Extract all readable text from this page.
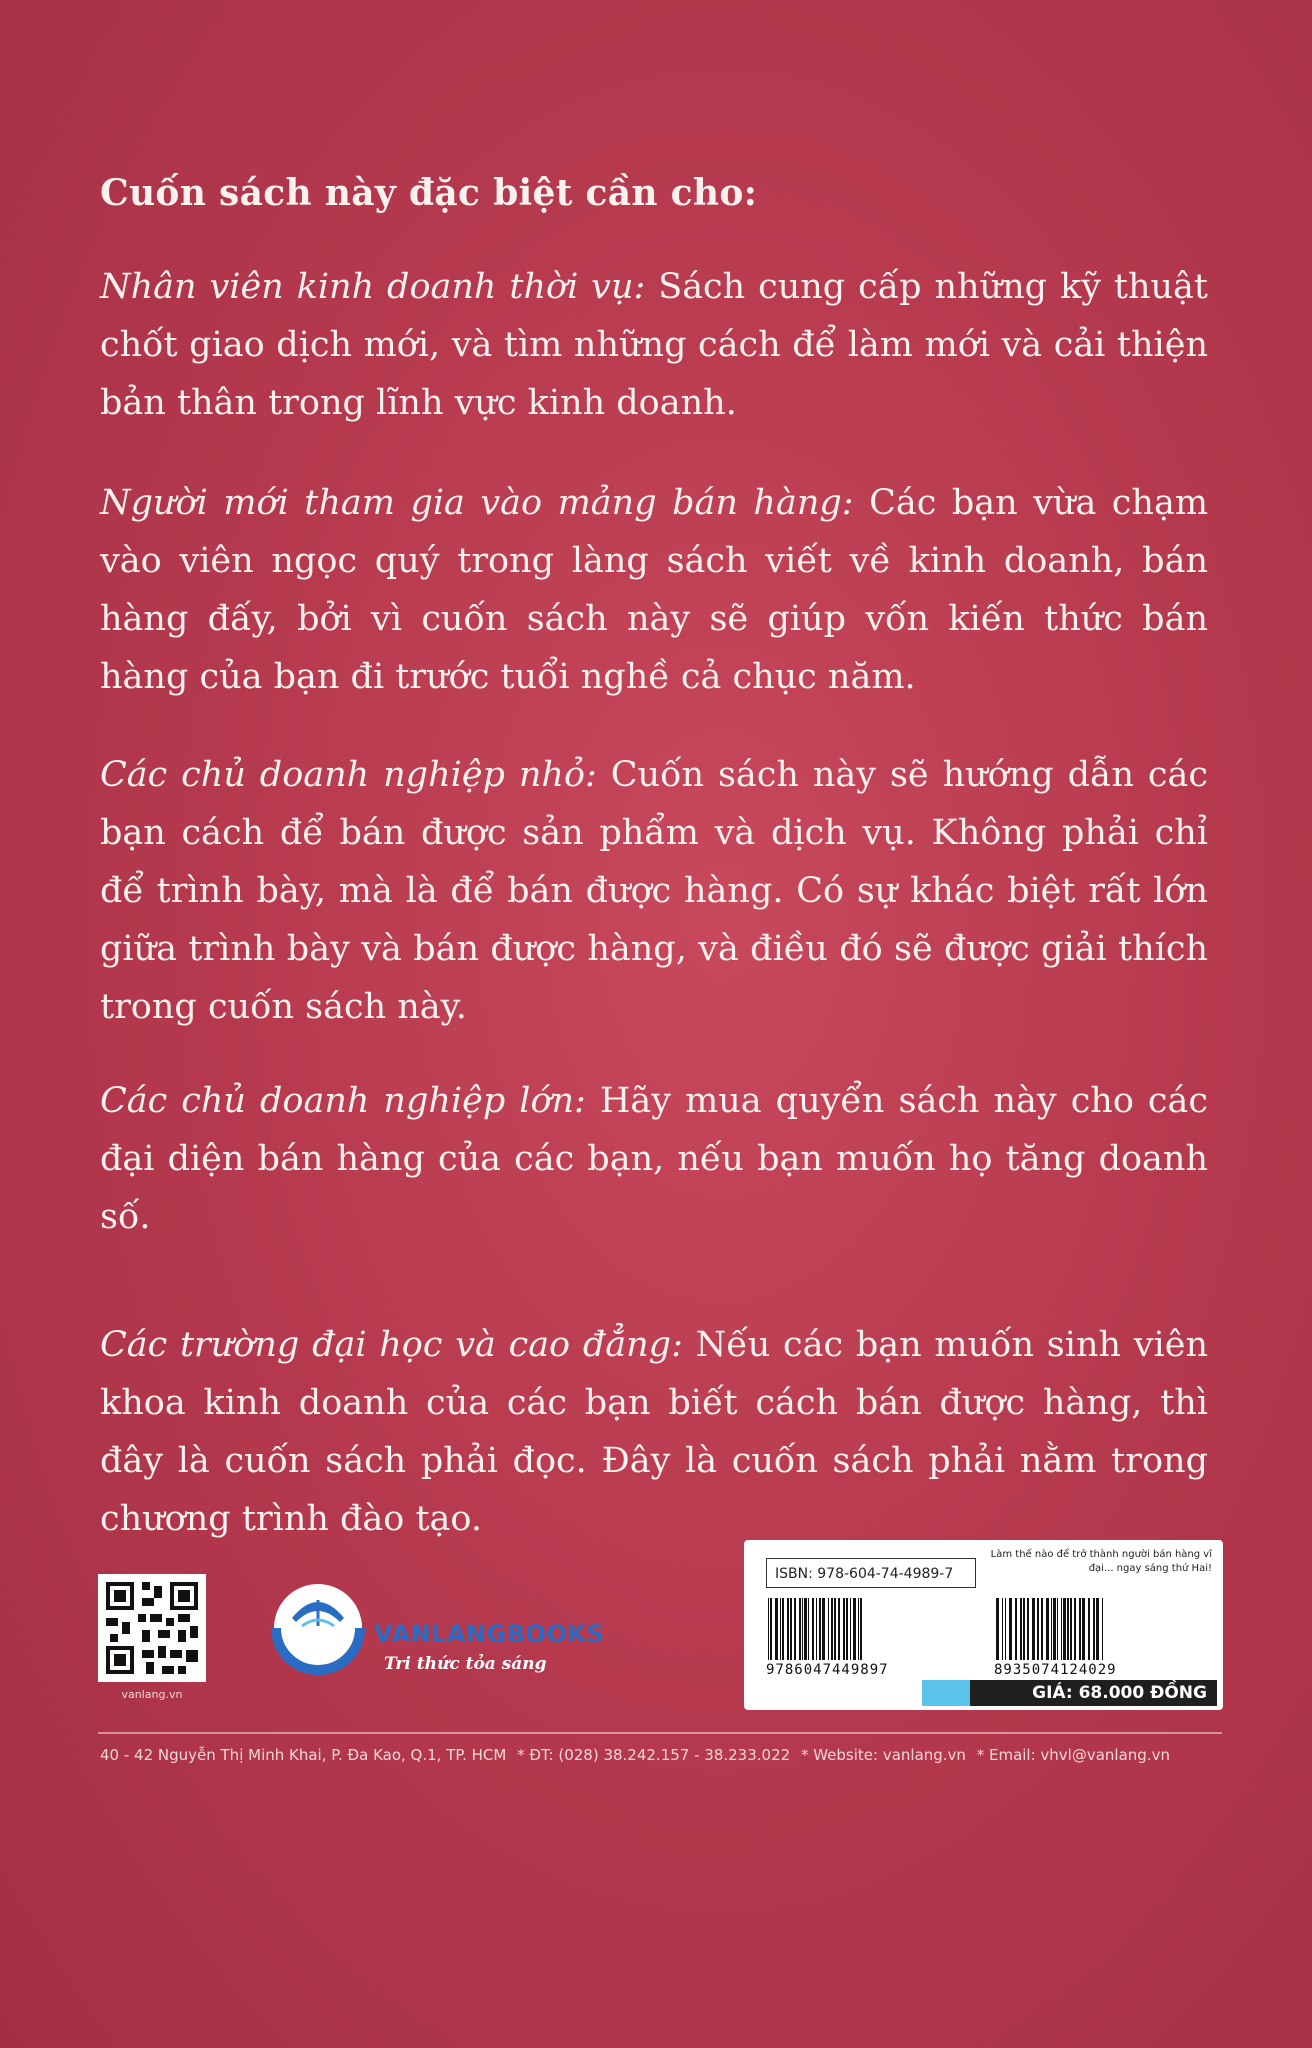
Cuốn sách này đặc biệt cần cho:

Nhân viên kinh doanh thời vụ: Sách cung cấp những kỹ thuật chốt giao dịch mới, và tìm những cách để làm mới và cải thiện bản thân trong lĩnh vực kinh doanh.

Người mới tham gia vào mảng bán hàng: Các bạn vừa chạm vào viên ngọc quý trong làng sách viết về kinh doanh, bán hàng đấy, bởi vì cuốn sách này sẽ giúp vốn kiến thức bán hàng của bạn đi trước tuổi nghề cả chục năm.

Các chủ doanh nghiệp nhỏ: Cuốn sách này sẽ hướng dẫn các bạn cách để bán được sản phẩm và dịch vụ. Không phải chỉ để trình bày, mà là để bán được hàng. Có sự khác biệt rất lớn giữa trình bày và bán được hàng, và điều đó sẽ được giải thích trong cuốn sách này.

Các chủ doanh nghiệp lớn: Hãy mua quyển sách này cho các đại diện bán hàng của các bạn, nếu bạn muốn họ tăng doanh số.

Các trường đại học và cao đẳng: Nếu các bạn muốn sinh viên khoa kinh doanh của các bạn biết cách bán được hàng, thì đây là cuốn sách phải đọc. Đây là cuốn sách phải nằm trong chương trình đào tạo.

vanlang.vn
VANLANGBOOKS
Tri thức tỏa sáng
ISBN: 978-604-74-4989-7
Làm thế nào để trở thành người bán hàng vĩ đại... ngay sáng thứ Hai!
9786047449897	8935074124029
GIÁ: 68.000 ĐỒNG
40 - 42 Nguyễn Thị Minh Khai, P. Đa Kao, Q.1, TP. HCM * ĐT: (028) 38.242.157 - 38.233.022 * Website: vanlang.vn * Email: vhvl@vanlang.vn
